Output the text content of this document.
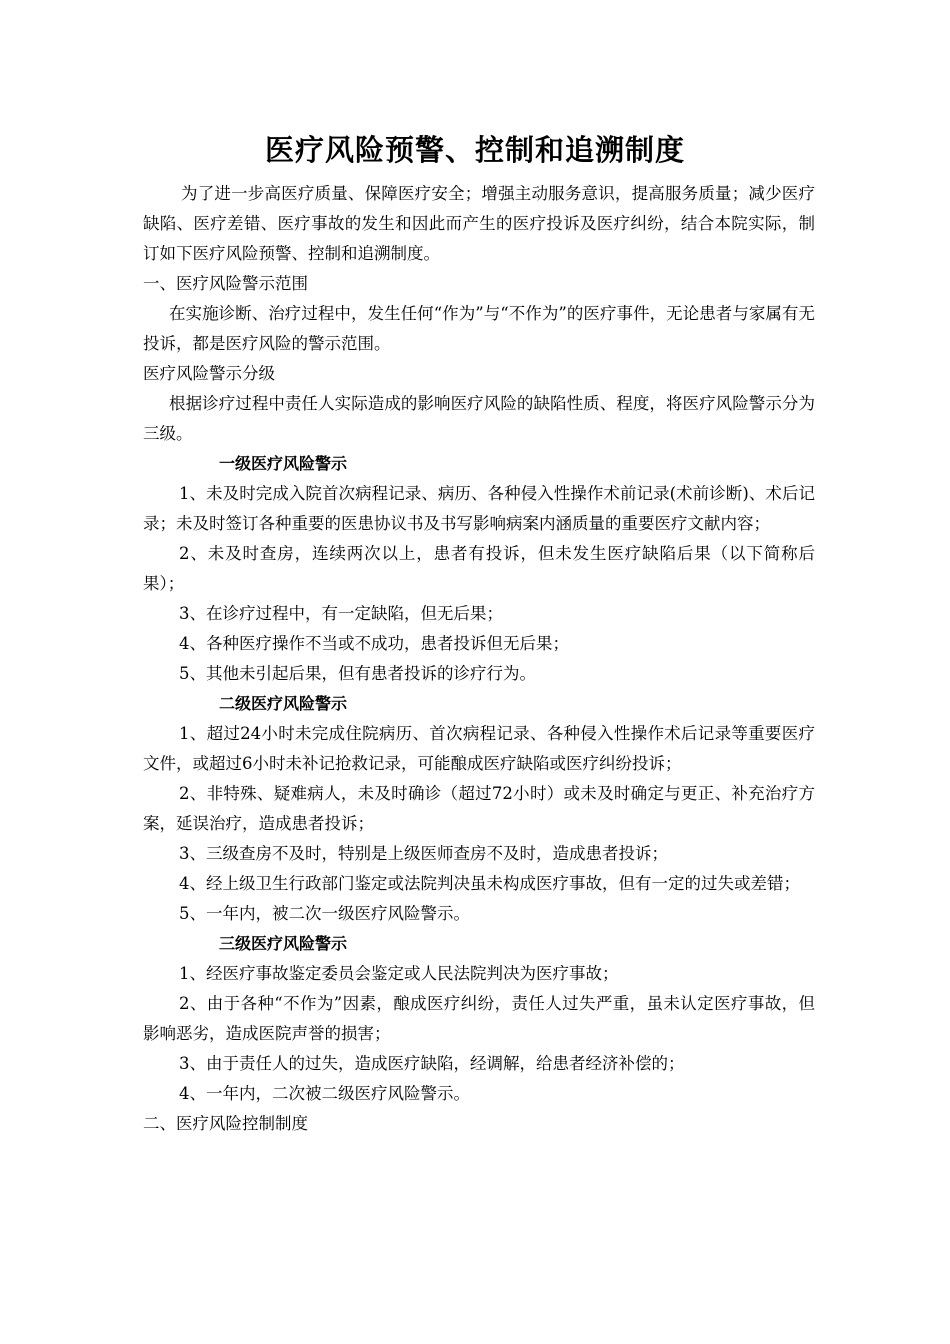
医疗风险预警、控制和追溯制度

为了进一步高医疗质量、保障医疗安全；增强主动服务意识，提高服务质量；减少医疗缺陷、医疗差错、医疗事故的发生和因此而产生的医疗投诉及医疗纠纷，结合本院实际，制订如下医疗风险预警、控制和追溯制度。

一、医疗风险警示范围

在实施诊断、治疗过程中，发生任何“作为”与“不作为”的医疗事件，无论患者与家属有无投诉，都是医疗风险的警示范围。

医疗风险警示分级

根据诊疗过程中责任人实际造成的影响医疗风险的缺陷性质、程度，将医疗风险警示分为三级。

一级医疗风险警示

1、未及时完成入院首次病程记录、病历、各种侵入性操作术前记录(术前诊断)、术后记录；未及时签订各种重要的医患协议书及书写影响病案内涵质量的重要医疗文献内容；

2、未及时查房，连续两次以上，患者有投诉，但未发生医疗缺陷后果（以下简称后果）；

3、在诊疗过程中，有一定缺陷，但无后果；

4、各种医疗操作不当或不成功，患者投诉但无后果；

5、其他未引起后果，但有患者投诉的诊疗行为。

二级医疗风险警示

1、超过24小时未完成住院病历、首次病程记录、各种侵入性操作术后记录等重要医疗文件，或超过6小时未补记抢救记录，可能酿成医疗缺陷或医疗纠纷投诉；

2、非特殊、疑难病人，未及时确诊（超过72小时）或未及时确定与更正、补充治疗方案，延误治疗，造成患者投诉；

3、三级查房不及时，特别是上级医师查房不及时，造成患者投诉；

4、经上级卫生行政部门鉴定或法院判决虽未构成医疗事故，但有一定的过失或差错；

5、一年内，被二次一级医疗风险警示。

三级医疗风险警示

1、经医疗事故鉴定委员会鉴定或人民法院判决为医疗事故；

2、由于各种“不作为”因素，酿成医疗纠纷，责任人过失严重，虽未认定医疗事故，但影响恶劣，造成医院声誉的损害；

3、由于责任人的过失，造成医疗缺陷，经调解，给患者经济补偿的；

4、一年内，二次被二级医疗风险警示。

二、医疗风险控制制度
